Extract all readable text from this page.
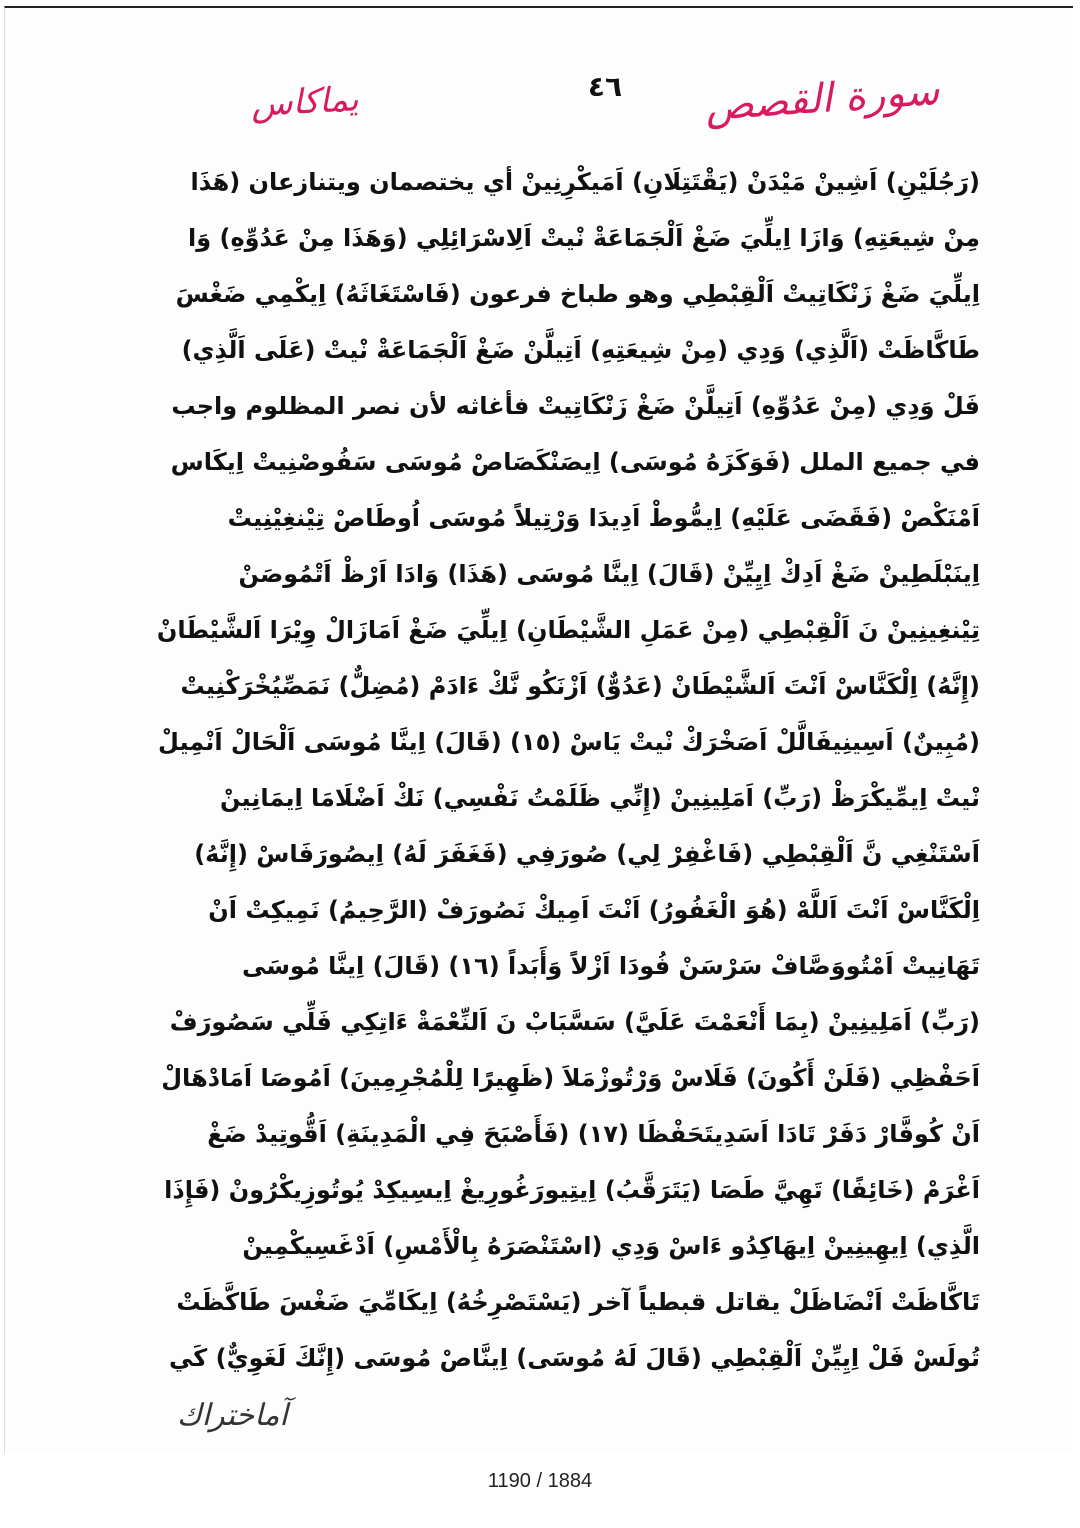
سورة القصص
٤٦
يماكاس
(رَجُلَيْنِ) اَشِينْ مَيْدَنْ (يَقْتَتِلَانِ) اَمَيكْرِنِينْ أي يختصمان ويتنازعان (هَذَا
مِنْ شِيعَتِهِ) وَازَا اِيلِّيَ ضَغْ اَلْجَمَاعَةْ نْيتْ اَلِاسْرَائِلِي (وَهَذَا مِنْ عَدُوِّهِ) وَا
اِيلِّيَ ضَغْ زَنْكَاتِيتْ اَلْقِبْطِي وهو طباخ فرعون (فَاسْتَغَاثَهُ) اِيكْمِي ضَغْسَ
طَاكَّاظَتْ (اَلَّذِي) وَدِي (مِنْ شِيعَتِهِ) اَتِيلَّنْ ضَغْ اَلْجَمَاعَةْ نْيتْ (عَلَى اَلَّذِي)
فَلْ وَدِي (مِنْ عَدُوِّهِ) اَتِيلَّنْ ضَغْ زَنْكَاتِيتْ فأغاثه لأن نصر المظلوم واجب
في جميع الملل (فَوَكَزَهُ مُوسَى) اِيصَنْكَصَاصْ مُوسَى سَفُوصْنِيتْ اِيكَاس
اَمْنَكْصْ (فَقَضَى عَلَيْهِ) اِيمُّوطْ اَدِيدَا وَرْتِيلاً مُوسَى اُوطَاصْ تِيْنغِيْنِيتْ
اِينَبْلَطِينْ ضَغْ اَدِكْ اِيِيِّنْ (قَالَ) اِينَّا مُوسَى (هَذَا) وَادَا اَرْظْ اَتْمُوصَنْ
تِيْنغِينِينْ نَ اَلْقِبْطِي (مِنْ عَمَلِ الشَّيْطَانِ) اِيلِّيَ ضَغْ اَمَازَالْ وِيْرَا اَلشَّيْطَانْ
(إِنَّهُ) اِلْكَنَّاسْ اَنْتَ اَلشَّيْطَانْ (عَدُوٌّ) اَزْنَكُو نَّكْ ءَادَمْ (مُضِلٌّ) نَمَصِّيُخْرَكْنِيتْ
(مُبِينٌ) اَسِينِيفَالَّلْ اَصَخْرَكْ نْيتْ يَاسْ (١٥) (قَالَ) اِينَّا مُوسَى اَلْحَالْ اَنْمِيلْ
نْيتْ اِيمِّيكْرَظْ (رَبِّ) اَمَلِينِينْ (إِنِّي ظَلَمْتُ نَفْسِي) نَكْ اَضْلَامَا اِيمَانِينْ
اَسْتَنْغِي نَّ اَلْقِبْطِي (فَاغْفِرْ لِي) صُورَفِي (فَغَفَرَ لَهُ) اِيصُورَفَاسْ (إِنَّهُ)
اِلْكَنَّاسْ اَنْتَ اَللَّهْ (هُوَ الْغَفُورُ) اَنْتَ اَمِيكْ نَصُورَفْ (الرَّحِيمُ) نَمِيكِتْ اَنْ
تَهَانِيتْ اَمْتُووَصَّافْ سَرْسَنْ فُودَا اَزْلاً وَأَبَداً (١٦) (قَالَ) اِينَّا مُوسَى
(رَبِّ) اَمَلِينِينْ (بِمَا أَنْعَمْتَ عَلَيَّ) سَسَّبَابْ نَ اَلنِّعْمَةْ ءَاتِكِي فَلِّي سَصُورَفْ
اَحَفْظِي (فَلَنْ أَكُونَ) فَلَاسْ وَرْتُوزْمَلاَ (ظَهِيرًا لِلْمُجْرِمِينَ) اَمُوصَا اَمَادْهَالْ
اَنْ كُوفَّارْ دَفَرْ تَادَا اَسَدِيتَحَفْظَا (١٧) (فَأَصْبَحَ فِي الْمَدِينَةِ) اَقُّوتِيدْ ضَغْ
اَغْرَمْ (خَائِفًا) تَهِيَّ طَصَا (يَتَرَقَّبُ) اِيتِيورَغُورِيغْ اِيسِيكِدْ يُوتُوزِيكْرُونْ (فَإِذَا
الَّذِي) اِيهِينِينْ اِيهَاكِدُو ءَاسْ وَدِي (اسْتَنْصَرَهُ بِالْأَمْسِ) اَدْغَسِيكْمِينْ
تَاكَّاظَتْ اَنْضَاظَلْ يقاتل قبطياً آخر (يَسْتَصْرِخُهُ) اِيكَامِّيَ ضَغْسَ طَاكَّظَتْ
تُولَسْ فَلْ اِيِيِّنْ اَلْقِبْطِي (قَالَ لَهُ مُوسَى) اِينَّاصْ مُوسَى (إِنَّكَ لَغَوِيٌّ) كَي
آماختراك
1190 / 1884
